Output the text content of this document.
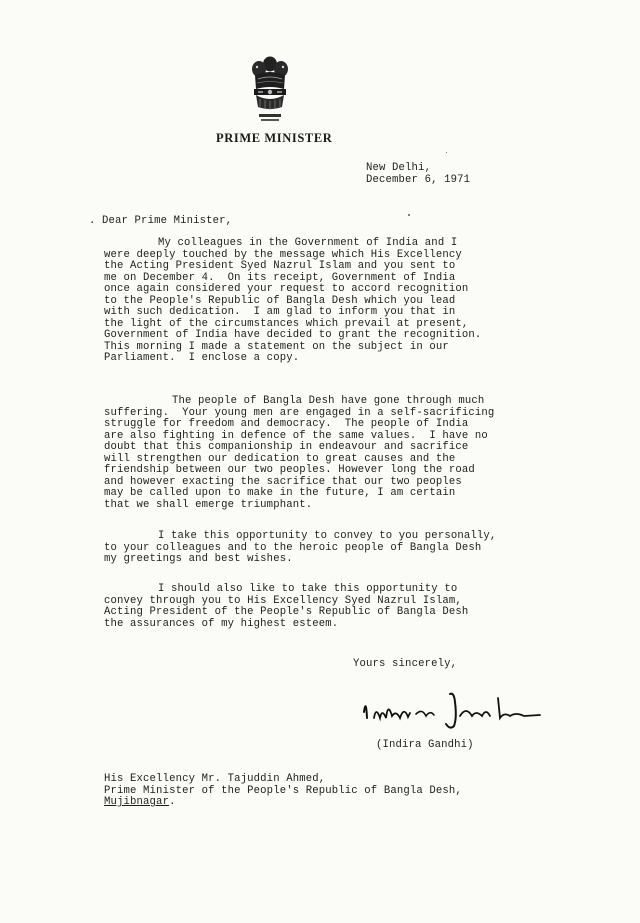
PRIME MINISTER
New Delhi,
December 6, 1971
. Dear Prime Minister,
My colleagues in the Government of India and I
were deeply touched by the message which His Excellency
the Acting President Syed Nazrul Islam and you sent to
me on December 4.  On its receipt, Government of India
once again considered your request to accord recognition
to the People's Republic of Bangla Desh which you lead
with such dedication.  I am glad to inform you that in
the light of the circumstances which prevail at present,
Government of India have decided to grant the recognition.
This morning I made a statement on the subject in our
Parliament.  I enclose a copy.
The people of Bangla Desh have gone through much
suffering.  Your young men are engaged in a self-sacrificing
struggle for freedom and democracy.  The people of India
are also fighting in defence of the same values.  I have no
doubt that this companionship in endeavour and sacrifice
will strengthen our dedication to great causes and the
friendship between our two peoples. However long the road
and however exacting the sacrifice that our two peoples
may be called upon to make in the future, I am certain
that we shall emerge triumphant.
I take this opportunity to convey to you personally,
to your colleagues and to the heroic people of Bangla Desh
my greetings and best wishes.
I should also like to take this opportunity to
convey through you to His Excellency Syed Nazrul Islam,
Acting President of the People's Republic of Bangla Desh
the assurances of my highest esteem.
Yours sincerely,
(Indira Gandhi)
His Excellency Mr. Tajuddin Ahmed,
Prime Minister of the People's Republic of Bangla Desh,
Mujibnagar.
